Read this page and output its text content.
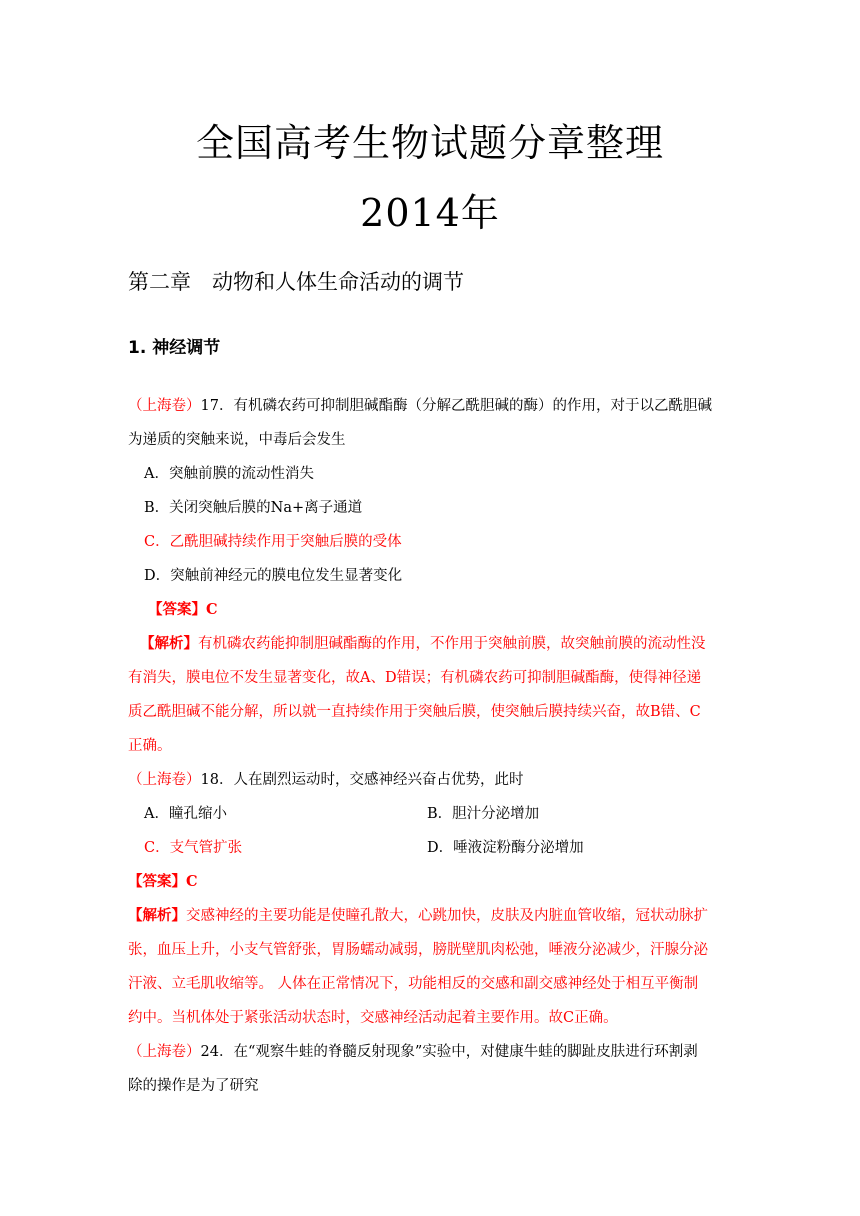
全国高考生物试题分章整理
2014年
第二章　动物和人体生命活动的调节
1. 神经调节
（上海卷）17．有机磷农药可抑制胆碱酯酶（分解乙酰胆碱的酶）的作用，对于以乙酰胆碱
为递质的突触来说，中毒后会发生
A．突触前膜的流动性消失
B．关闭突触后膜的Na+离子通道
C．乙酰胆碱持续作用于突触后膜的受体
D．突触前神经元的膜电位发生显著变化
【答案】C
【解析】有机磷农药能抑制胆碱酯酶的作用，不作用于突触前膜，故突触前膜的流动性没
有消失，膜电位不发生显著变化，故A、D错误；有机磷农药可抑制胆碱酯酶，使得神径递
质乙酰胆碱不能分解，所以就一直持续作用于突触后膜，使突触后膜持续兴奋，故B错、C
正确。
（上海卷）18．人在剧烈运动时，交感神经兴奋占优势，此时
A．瞳孔缩小	B．胆汁分泌增加
C．支气管扩张	D．唾液淀粉酶分泌增加
【答案】C
【解析】交感神经的主要功能是使瞳孔散大，心跳加快，皮肤及内脏血管收缩，冠状动脉扩
张，血压上升，小支气管舒张，胃肠蠕动减弱，膀胱壁肌肉松弛，唾液分泌减少，汗腺分泌
汗液、立毛肌收缩等。 人体在正常情况下，功能相反的交感和副交感神经处于相互平衡制
约中。当机体处于紧张活动状态时，交感神经活动起着主要作用。故C正确。
（上海卷）24．在“观察牛蛙的脊髓反射现象”实验中，对健康牛蛙的脚趾皮肤进行环割剥
除的操作是为了研究
